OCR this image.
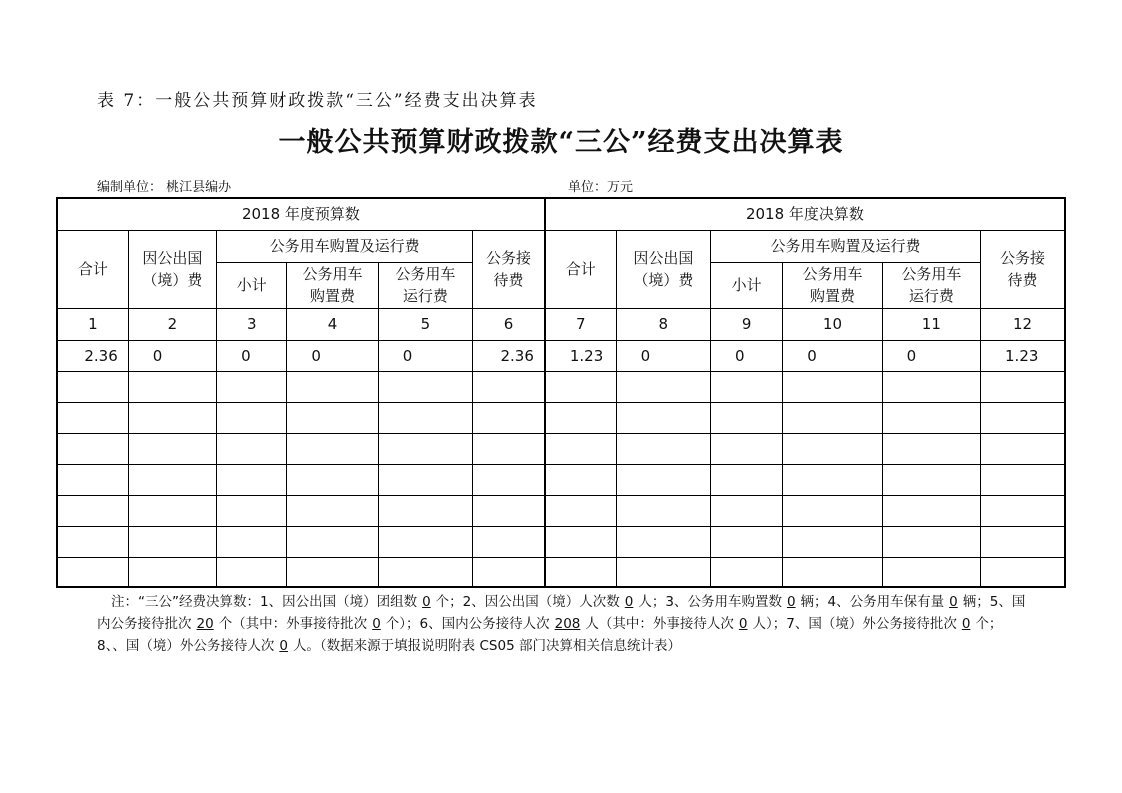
表 7：一般公共预算财政拨款“三公”经费支出决算表
一般公共预算财政拨款“三公”经费支出决算表
编制单位： 桃江县编办	单位：万元
2018 年度预算数						2018 年度决算数					
合计	因公出国（境）费	公务用车购置及运行费			公务接待费	合计	因公出国（境）费	公务用车购置及运行费			公务接待费
		小计	公务用车购置费	公务用车运行费				小计	公务用车购置费	公务用车运行费	
1	2	3	4	5	6	7	8	9	10	11	12
2.36	0	0	0	0	2.36	1.23	0	0	0	0	1.23

注：“三公”经费决算数：1、因公出国（境）团组数 0 个；2、因公出国（境）人次数 0 人；3、公务用车购置数 0 辆；4、公务用车保有量 0 辆；5、国内公务接待批次 20 个（其中：外事接待批次 0 个）；6、国内公务接待人次 208 人（其中：外事接待人次 0 人）；7、国（境）外公务接待批次 0 个；8、、国（境）外公务接待人次 0 人。（数据来源于填报说明附表 CS05 部门决算相关信息统计表）
